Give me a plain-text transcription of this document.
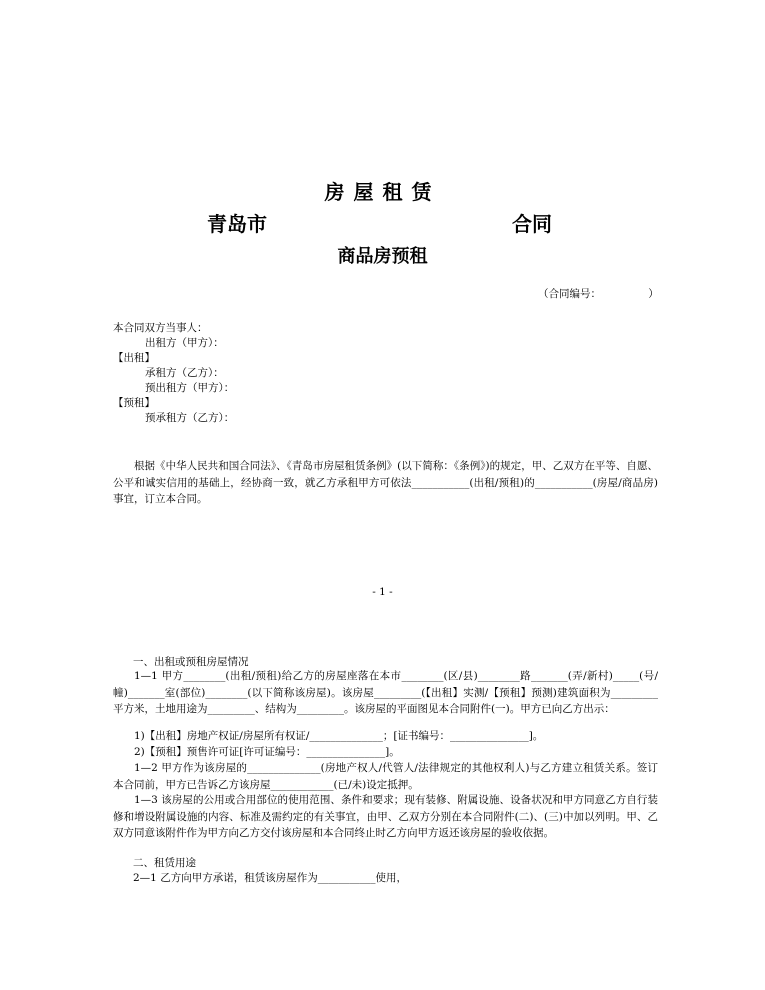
房屋租赁
青岛市	合同
商品房预租
（合同编号：　　　　　）
本合同双方当事人：
出租方（甲方）：
【出租】
承租方（乙方）：
预出租方（甲方）：
【预租】
预承租方（乙方）：
根据《中华人民共和国合同法》、《青岛市房屋租赁条例》(以下简称：《条例》)的规定，甲、乙双方在平等、自愿、公平和诚实信用的基础上，经协商一致，就乙方承租甲方可依法___________(出租/预租)的___________(房屋/商品房)事宜，订立本合同。
- 1 -
一、出租或预租房屋情况
1—1 甲方________(出租/预租)给乙方的房屋座落在本市________(区/县)________路_______(弄/新村)_____(号/幢)_______室(部位)________(以下简称该房屋)。该房屋_________(【出租】实测/【预租】预测)建筑面积为_________平方米，土地用途为_________、结构为_________。该房屋的平面图见本合同附件(一)。甲方已向乙方出示：
1)【出租】房地产权证/房屋所有权证/______________；[证书编号：_______________]。
2)【预租】预售许可证[许可证编号：_______________]。
1—2 甲方作为该房屋的______________(房地产权人/代管人/法律规定的其他权利人)与乙方建立租赁关系。签订本合同前，甲方已告诉乙方该房屋____________(已/未)设定抵押。
1—3 该房屋的公用或合用部位的使用范围、条件和要求；现有装修、附属设施、设备状况和甲方同意乙方自行装修和增设附属设施的内容、标准及需约定的有关事宜，由甲、乙双方分别在本合同附件(二)、(三)中加以列明。甲、乙双方同意该附件作为甲方向乙方交付该房屋和本合同终止时乙方向甲方返还该房屋的验收依据。
二、租赁用途
2—1 乙方向甲方承诺，租赁该房屋作为___________使用，
